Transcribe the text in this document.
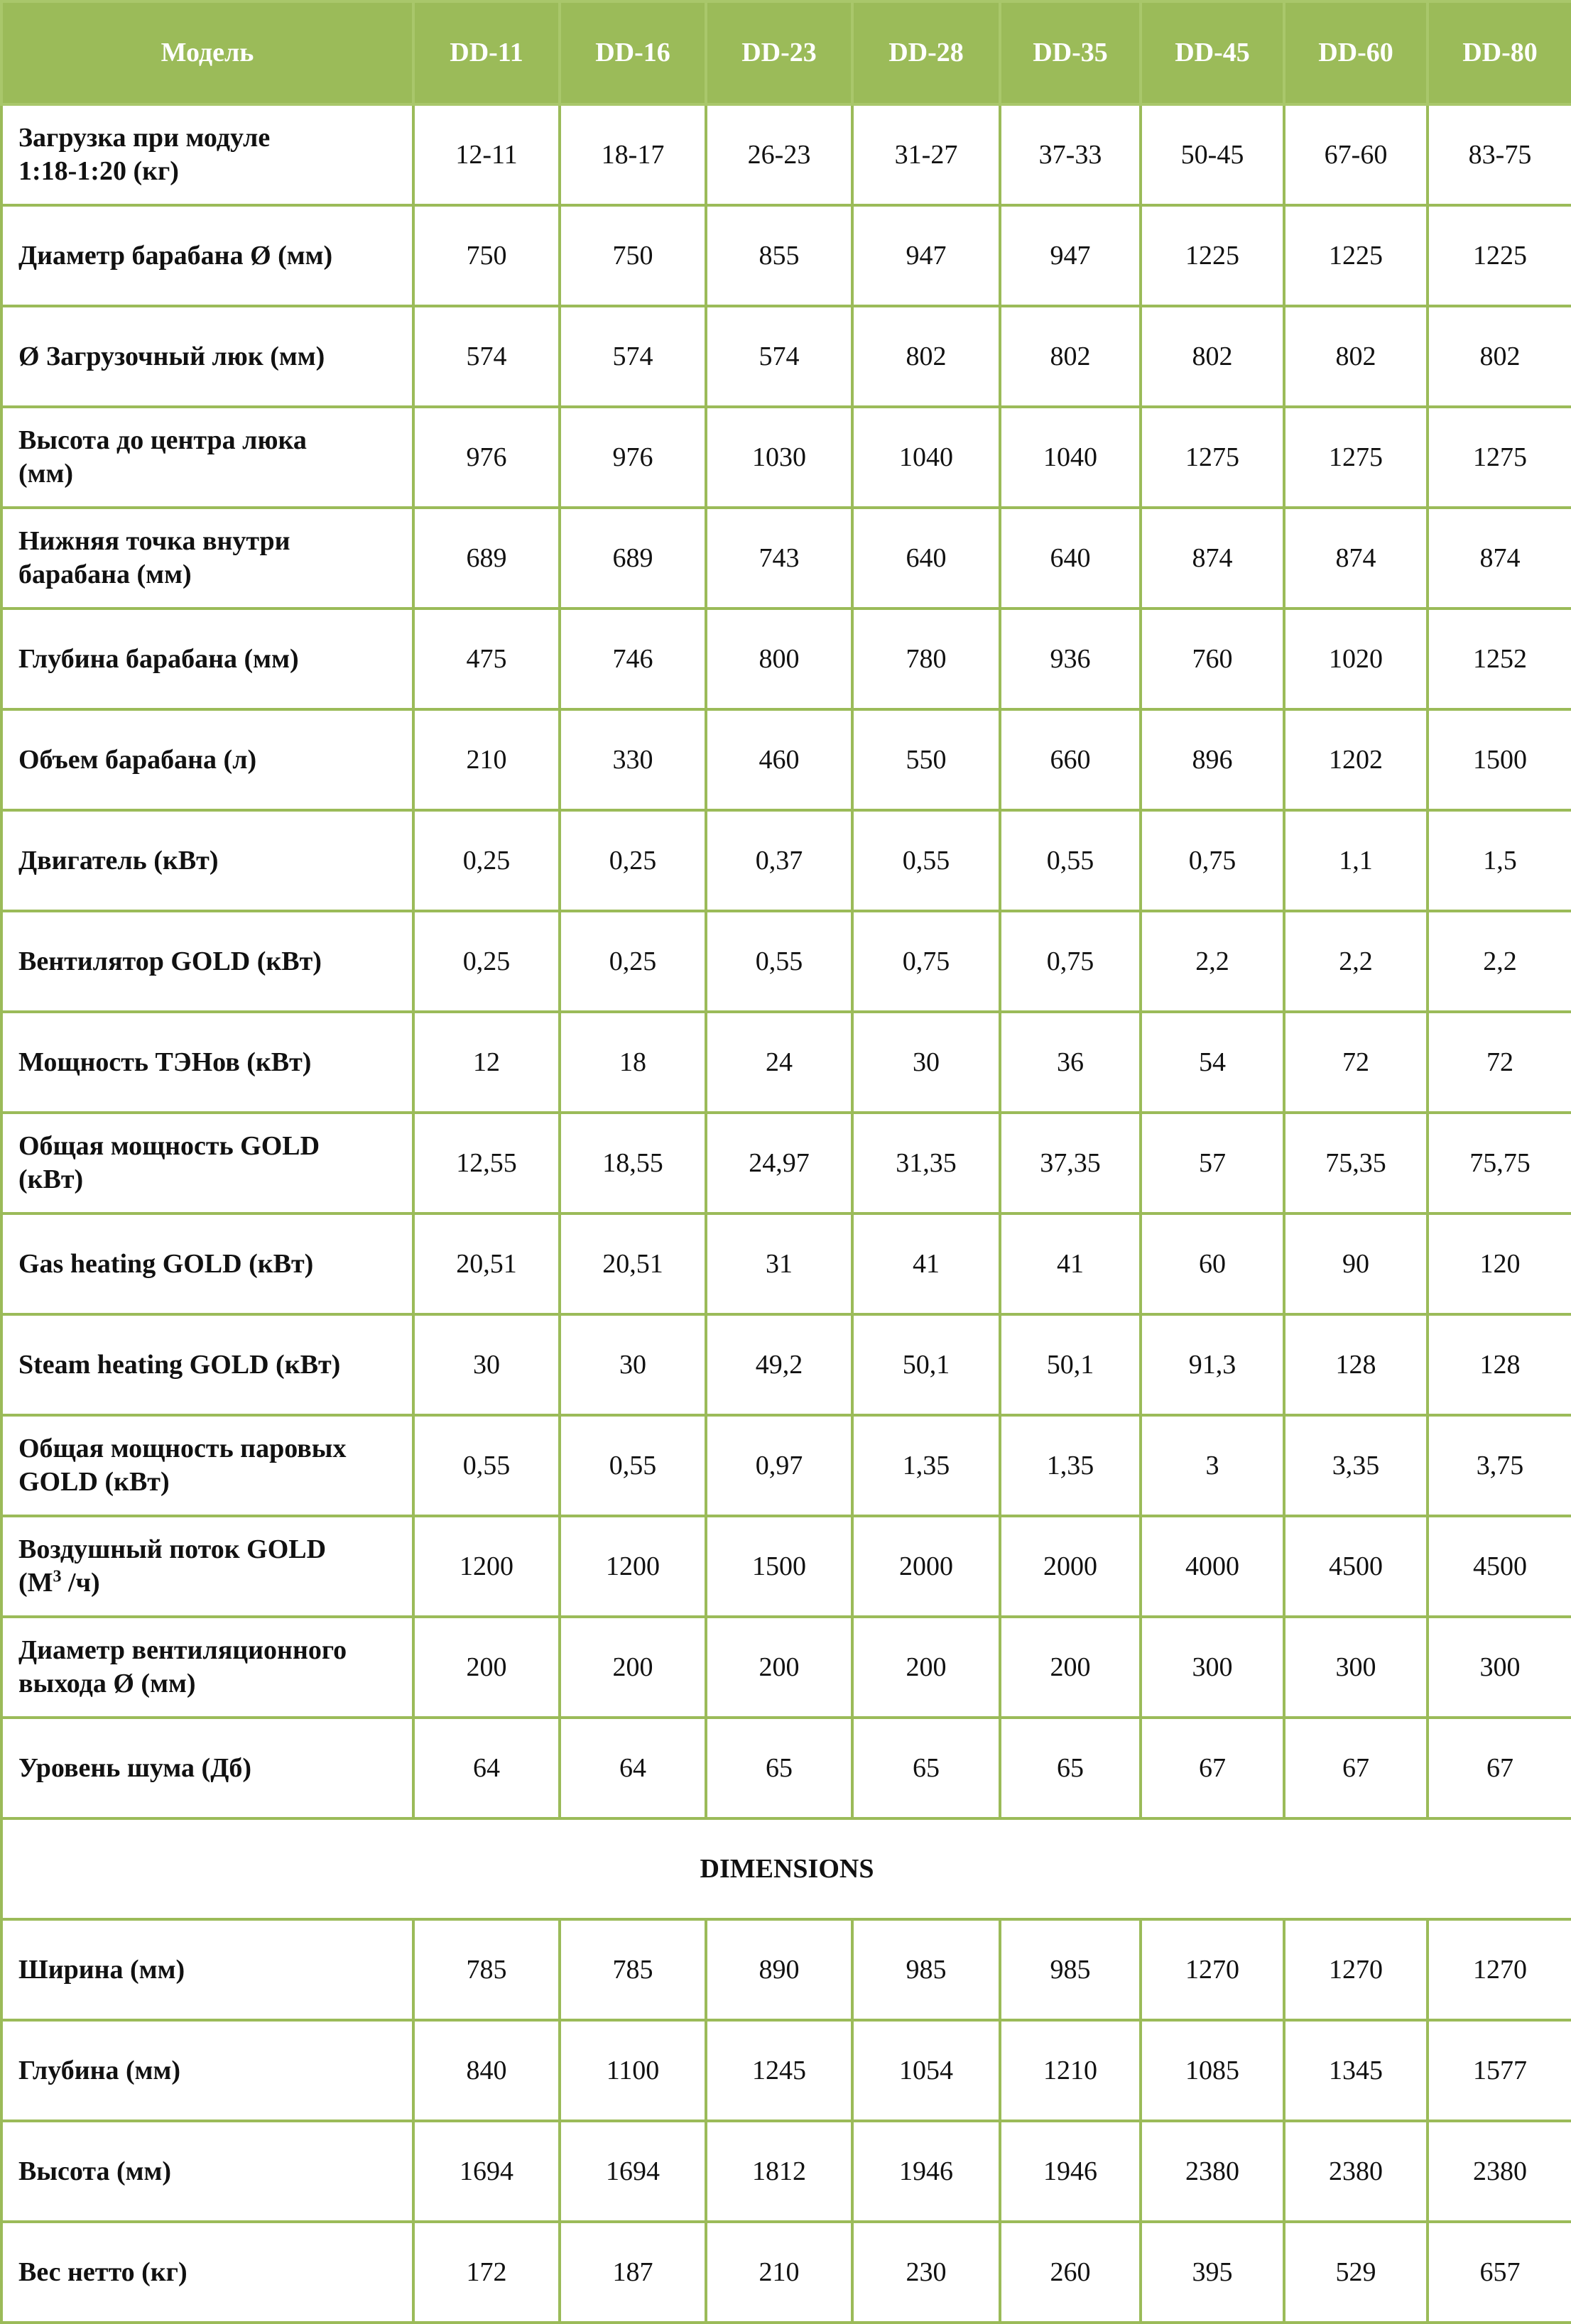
Модель	DD-11	DD-16	DD-23	DD-28	DD-35	DD-45	DD-60	DD-80
Загрузка при модуле
1:18-1:20 (кг)	12-11	18-17	26-23	31-27	37-33	50-45	67-60	83-75
Диаметр барабана Ø (мм)	750	750	855	947	947	1225	1225	1225
Ø Загрузочный люк (мм)	574	574	574	802	802	802	802	802
Высота до центра люка
(мм)	976	976	1030	1040	1040	1275	1275	1275
Нижняя точка внутри
барабана (мм)	689	689	743	640	640	874	874	874
Глубина барабана (мм)	475	746	800	780	936	760	1020	1252
Объем барабана (л)	210	330	460	550	660	896	1202	1500
Двигатель (кВт)	0,25	0,25	0,37	0,55	0,55	0,75	1,1	1,5
Вентилятор GOLD (кВт)	0,25	0,25	0,55	0,75	0,75	2,2	2,2	2,2
Мощность ТЭНов (кВт)	12	18	24	30	36	54	72	72
Общая мощность GOLD
(кВт)	12,55	18,55	24,97	31,35	37,35	57	75,35	75,75
Gas heating GOLD (кВт)	20,51	20,51	31	41	41	60	90	120
Steam heating GOLD (кВт)	30	30	49,2	50,1	50,1	91,3	128	128
Общая мощность паровых
GOLD (кВт)	0,55	0,55	0,97	1,35	1,35	3	3,35	3,75
Воздушный поток GOLD
($М^3$ /ч)	1200	1200	1500	2000	2000	4000	4500	4500
Диаметр вентиляционного
выхода Ø (мм)	200	200	200	200	200	300	300	300
Уровень шума (Дб)	64	64	65	65	65	67	67	67
DIMENSIONS								
Ширина (мм)	785	785	890	985	985	1270	1270	1270
Глубина (мм)	840	1100	1245	1054	1210	1085	1345	1577
Высота (мм)	1694	1694	1812	1946	1946	2380	2380	2380
Вес нетто (кг)	172	187	210	230	260	395	529	657
